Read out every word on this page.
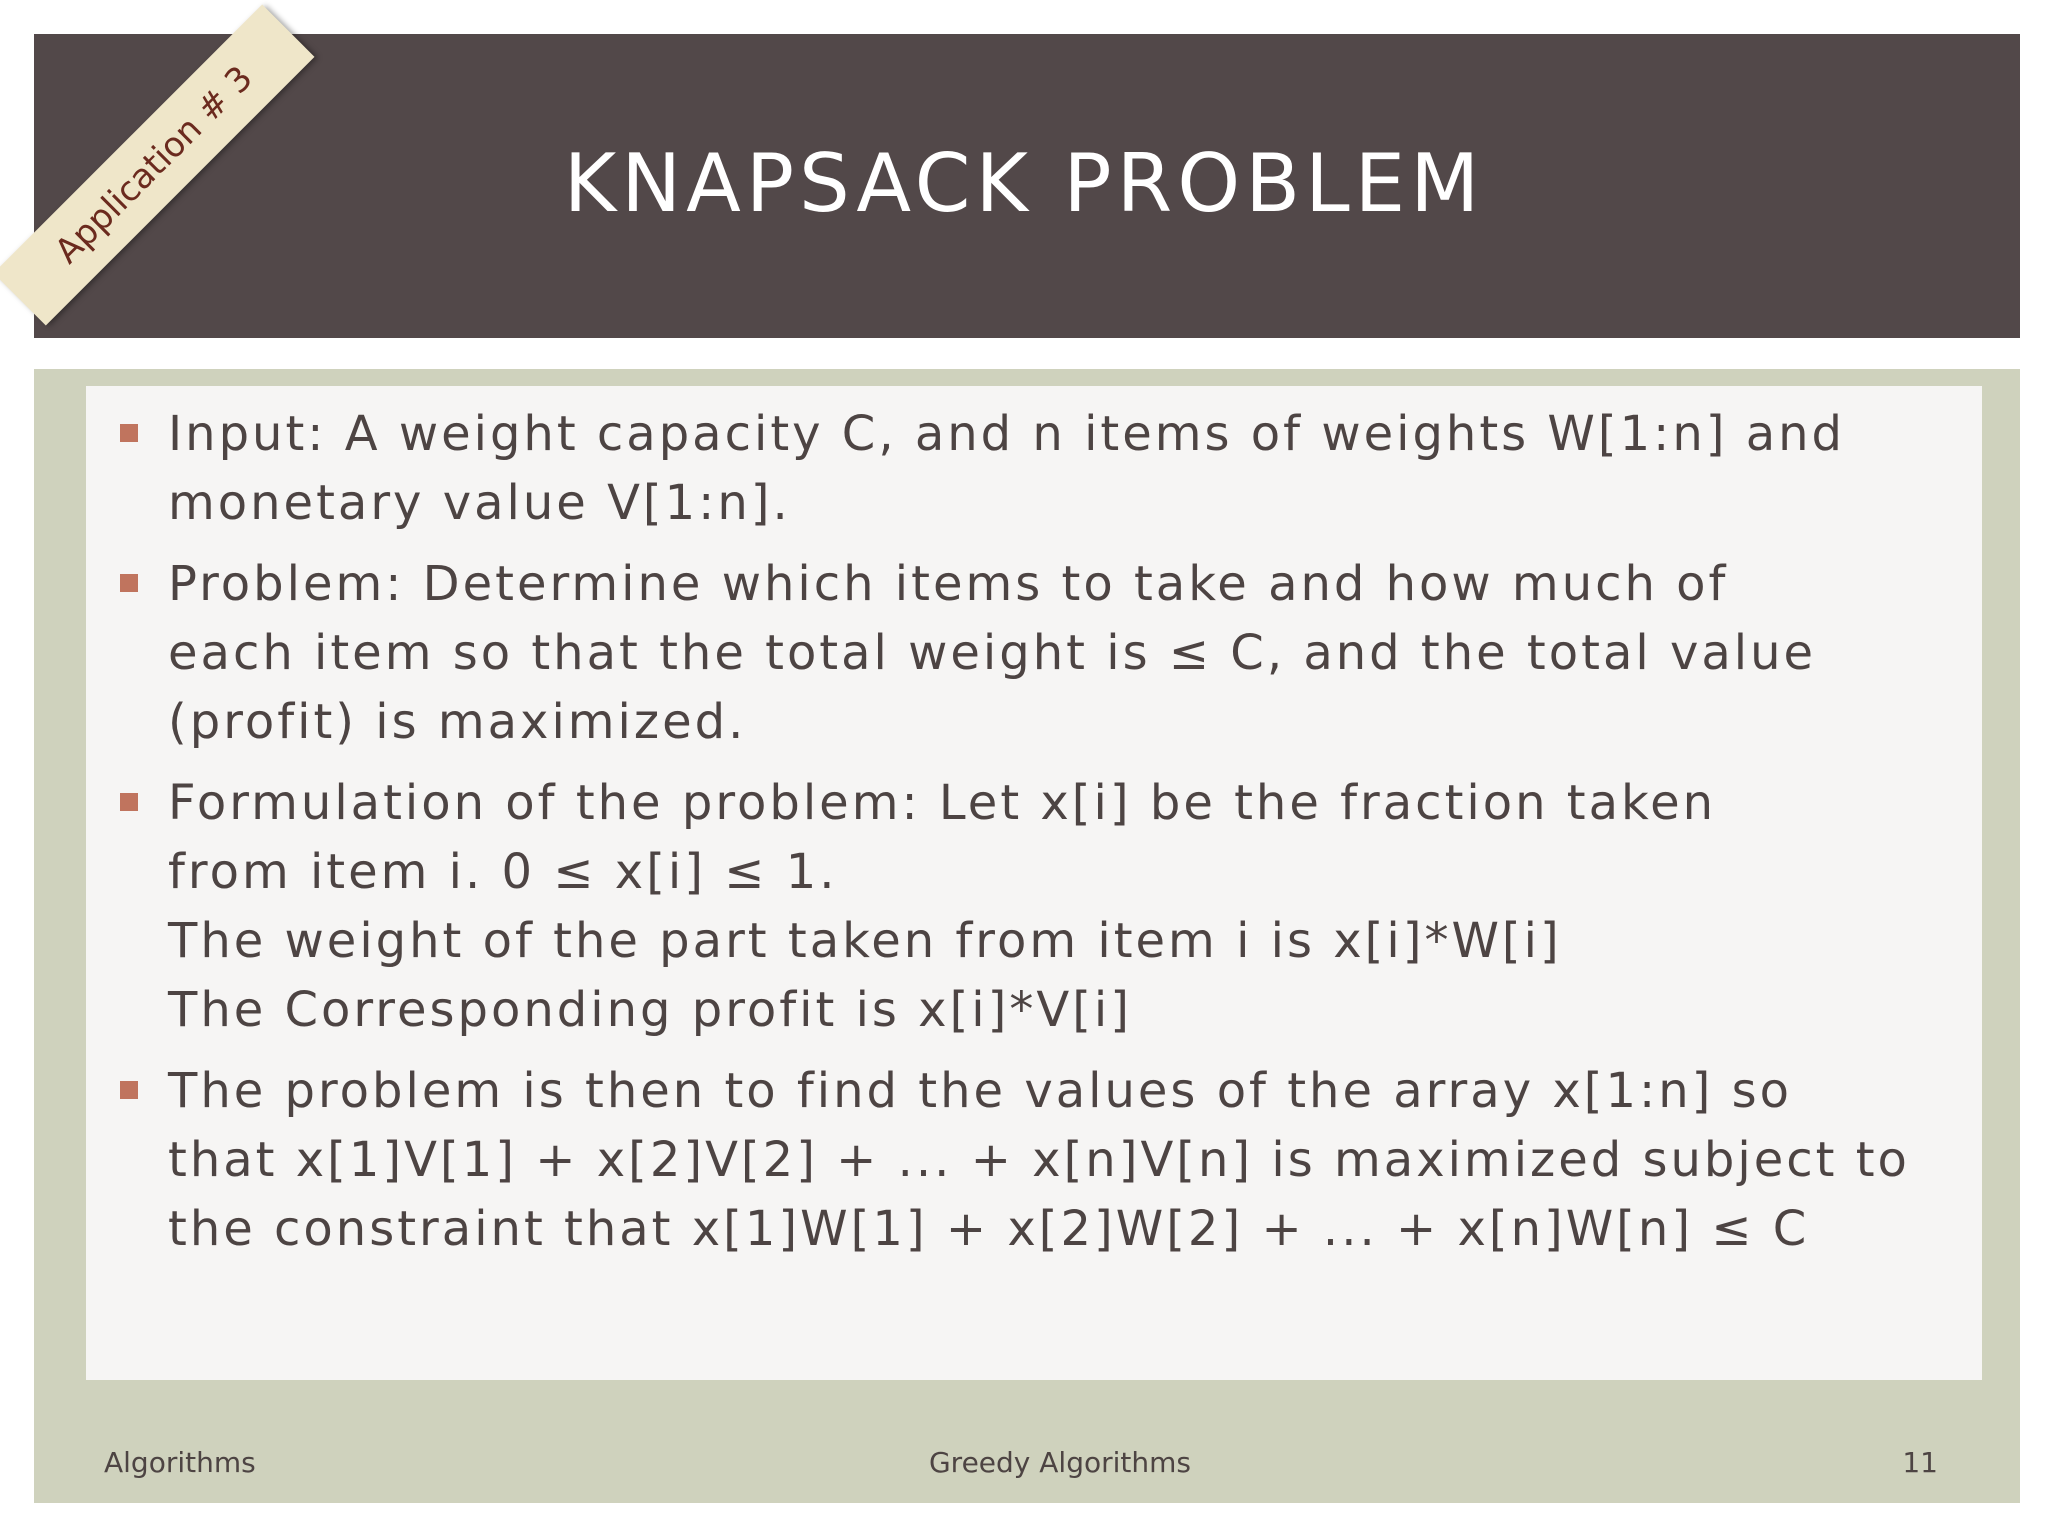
KNAPSACK PROBLEM
Application # 3
Input: A weight capacity C, and n items of weights W[1:n] and
monetary value V[1:n].
Problem: Determine which items to take and how much of
each item so that the total weight is ≤ C, and the total value
(profit) is maximized.
Formulation of the problem: Let x[i] be the fraction taken
from item i. 0 ≤ x[i] ≤ 1.
The weight of the part taken from item i is x[i]*W[i]
The Corresponding profit is x[i]*V[i]
The problem is then to find the values of the array x[1:n] so
that x[1]V[1] + x[2]V[2] + ... + x[n]V[n] is maximized subject to
the constraint that x[1]W[1] + x[2]W[2] + ... + x[n]W[n] ≤ C
Algorithms	Greedy Algorithms	11
